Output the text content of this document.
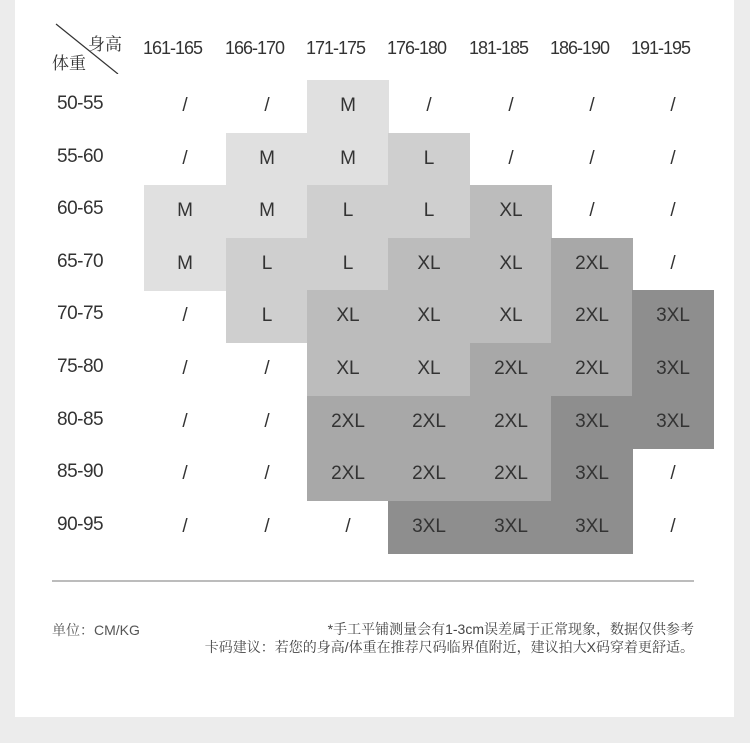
身高
体重
161-165	166-170	171-175	176-180	181-185	186-190	191-195
50-55	/	/	M	/	/	/	/
55-60	/	M	M	L	/	/	/
60-65	M	M	L	L	XL	/	/
65-70	M	L	L	XL	XL	2XL	/
70-75	/	L	XL	XL	XL	2XL	3XL
75-80	/	/	XL	XL	2XL	2XL	3XL
80-85	/	/	2XL	2XL	2XL	3XL	3XL
85-90	/	/	2XL	2XL	2XL	3XL	/
90-95	/	/	/	3XL	3XL	3XL	/
单位：CM/KG	*手工平铺测量会有1-3cm误差属于正常现象，数据仅供参考
卡码建议：若您的身高/体重在推荐尺码临界值附近，建议拍大X码穿着更舒适。
